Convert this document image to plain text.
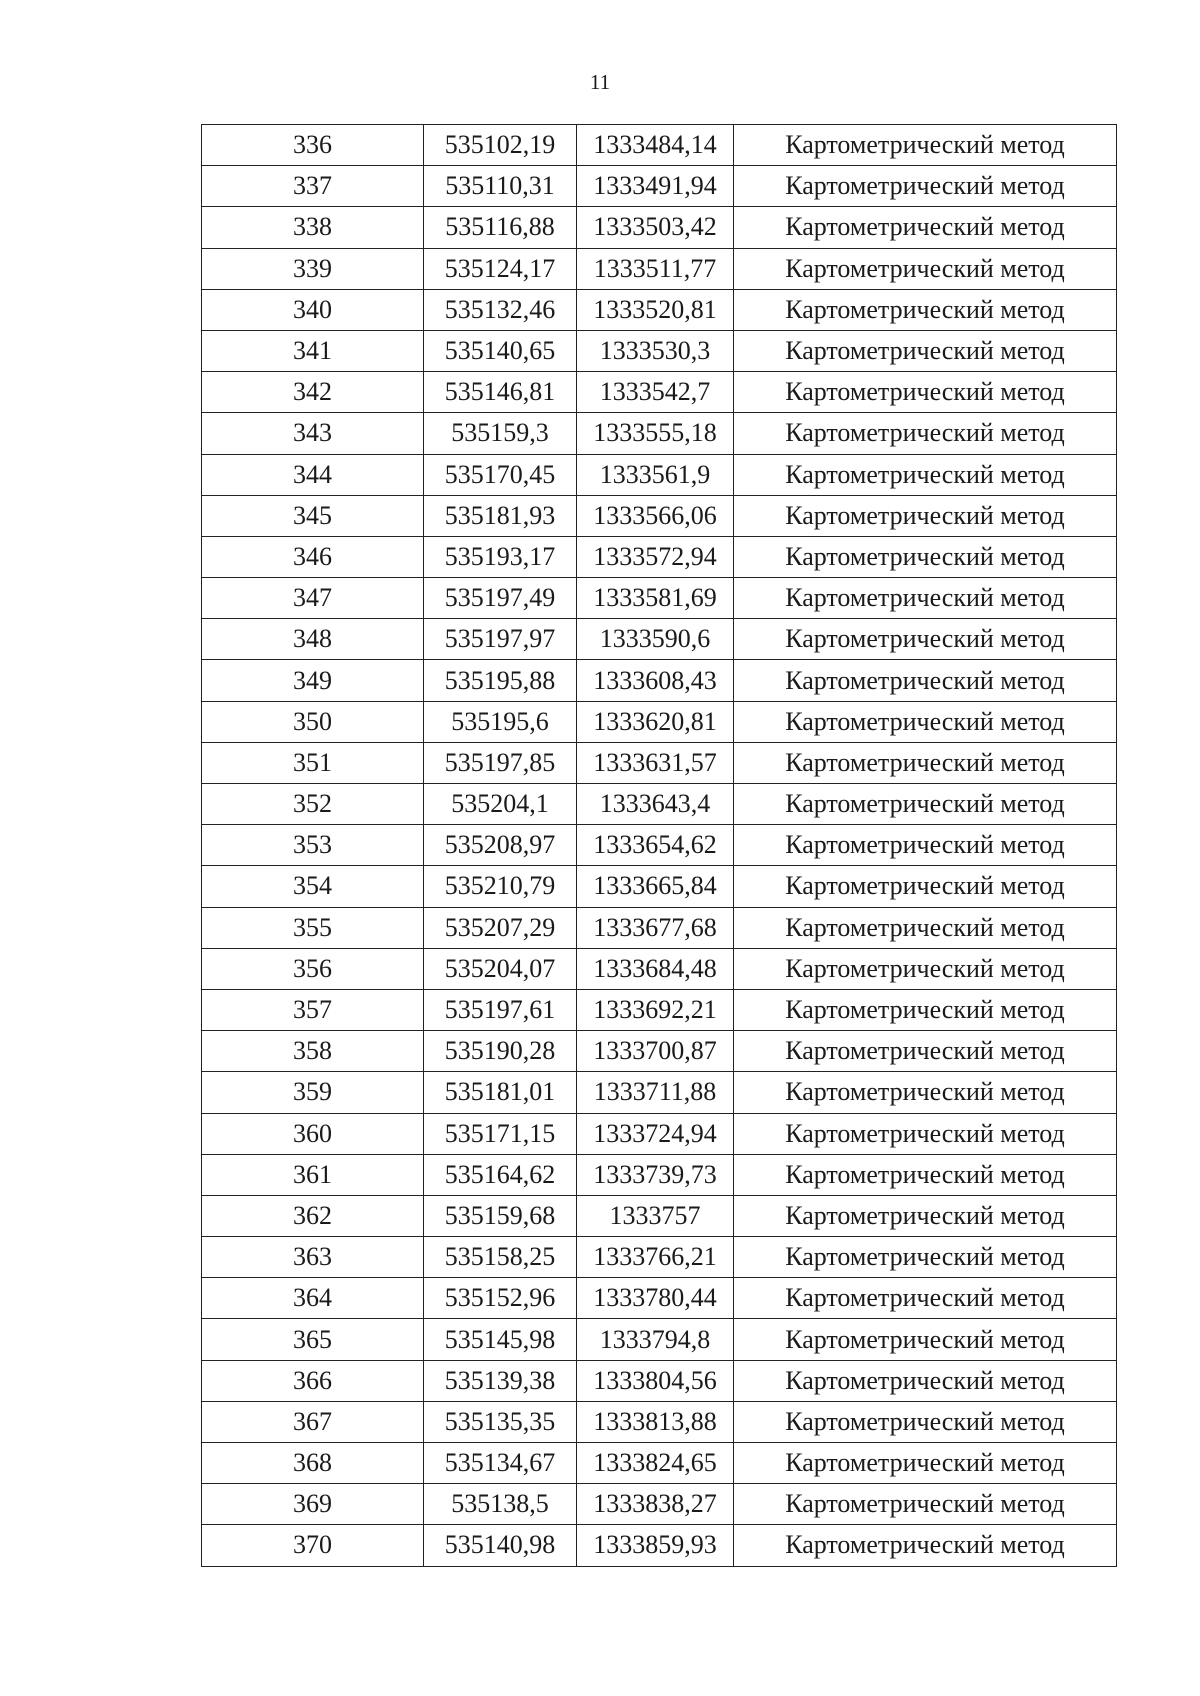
11
336	535102,19	1333484,14	Картометрический метод
337	535110,31	1333491,94	Картометрический метод
338	535116,88	1333503,42	Картометрический метод
339	535124,17	1333511,77	Картометрический метод
340	535132,46	1333520,81	Картометрический метод
341	535140,65	1333530,3	Картометрический метод
342	535146,81	1333542,7	Картометрический метод
343	535159,3	1333555,18	Картометрический метод
344	535170,45	1333561,9	Картометрический метод
345	535181,93	1333566,06	Картометрический метод
346	535193,17	1333572,94	Картометрический метод
347	535197,49	1333581,69	Картометрический метод
348	535197,97	1333590,6	Картометрический метод
349	535195,88	1333608,43	Картометрический метод
350	535195,6	1333620,81	Картометрический метод
351	535197,85	1333631,57	Картометрический метод
352	535204,1	1333643,4	Картометрический метод
353	535208,97	1333654,62	Картометрический метод
354	535210,79	1333665,84	Картометрический метод
355	535207,29	1333677,68	Картометрический метод
356	535204,07	1333684,48	Картометрический метод
357	535197,61	1333692,21	Картометрический метод
358	535190,28	1333700,87	Картометрический метод
359	535181,01	1333711,88	Картометрический метод
360	535171,15	1333724,94	Картометрический метод
361	535164,62	1333739,73	Картометрический метод
362	535159,68	1333757	Картометрический метод
363	535158,25	1333766,21	Картометрический метод
364	535152,96	1333780,44	Картометрический метод
365	535145,98	1333794,8	Картометрический метод
366	535139,38	1333804,56	Картометрический метод
367	535135,35	1333813,88	Картометрический метод
368	535134,67	1333824,65	Картометрический метод
369	535138,5	1333838,27	Картометрический метод
370	535140,98	1333859,93	Картометрический метод
